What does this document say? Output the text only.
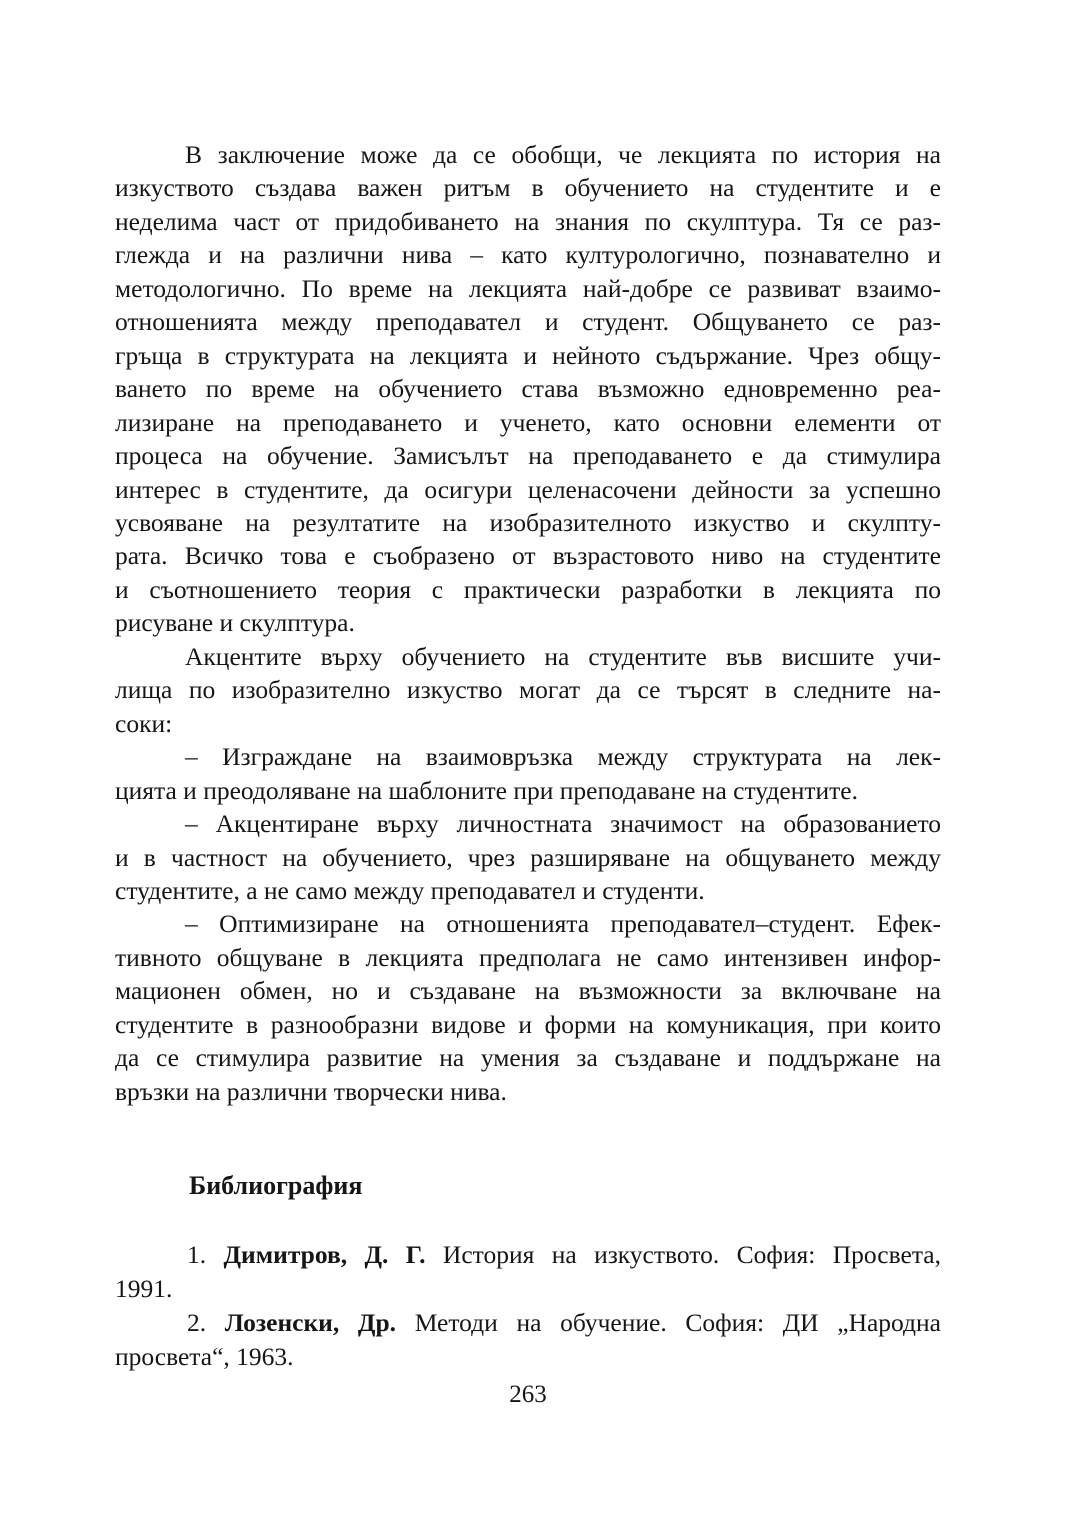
В заключение може да се обобщи, че лекцията по история на
изкуството създава важен ритъм в обучението на студентите и е
неделима част от придобиването на знания по скулптура. Тя се раз-
глежда и на различни нива – като културологично, познавателно и
методологично. По време на лекцията най-добре се развиват взаимо-
отношенията между преподавател и студент. Общуването се раз-
гръща в структурата на лекцията и нейното съдържание. Чрез общу-
ването по време на обучението става възможно едновременно реа-
лизиране на преподаването и ученето, като основни елементи от
процеса на обучение. Замисълът на преподаването е да стимулира
интерес в студентите, да осигури целенасочени дейности за успешно
усвояване на резултатите на изобразителното изкуство и скулпту-
рата. Всичко това е съобразено от възрастовото ниво на студентите
и съотношението теория с практически разработки в лекцията по
рисуване и скулптура.
Акцентите върху обучението на студентите във висшите учи-
лища по изобразително изкуство могат да се търсят в следните на-
соки:
– Изграждане на взаимовръзка между структурата на лек-
цията и преодоляване на шаблоните при преподаване на студентите.
– Акцентиране върху личностната значимост на образованието
и в частност на обучението, чрез разширяване на общуването между
студентите, а не само между преподавател и студенти.
– Оптимизиране на отношенията преподавател–студент. Ефек-
тивното общуване в лекцията предполага не само интензивен инфор-
мационен обмен, но и създаване на възможности за включване на
студентите в разнообразни видове и форми на комуникация, при които
да се стимулира развитие на умения за създаване и поддържане на
връзки на различни творчески нива.
Библиография
1. Димитров, Д. Г. История на изкуството. София: Просвета,
1991.
2. Лозенски, Др. Методи на обучение. София: ДИ „Народна
просвета“, 1963.
263
